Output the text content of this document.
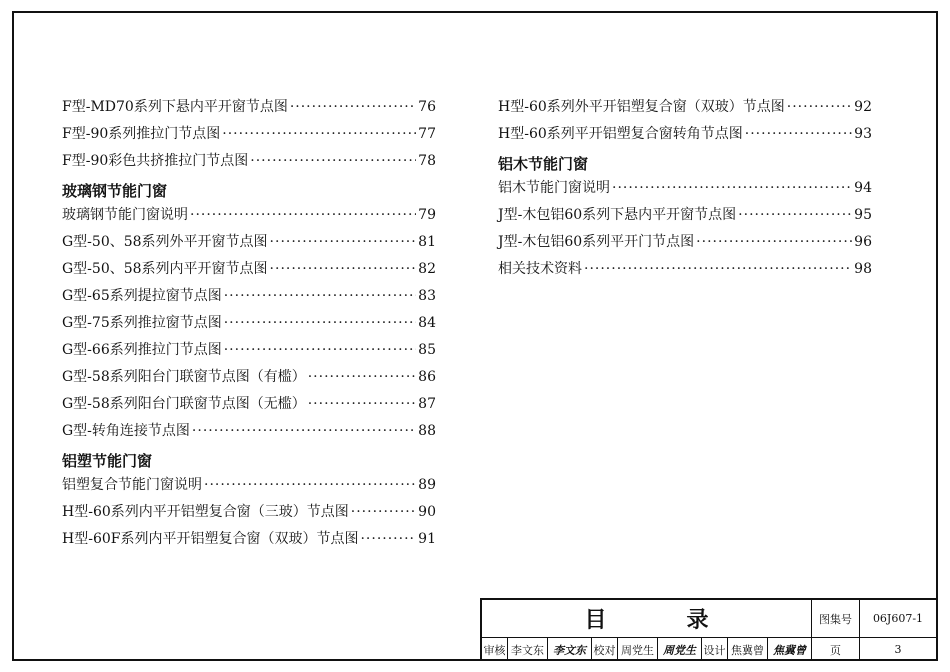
F型-MD70系列下悬内平开窗节点图 ·····	76
F型-90系列推拉门节点图 ·····	77
F型-90彩色共挤推拉门节点图 ·····	78
玻璃钢节能门窗
玻璃钢节能门窗说明 ·····	79
G型-50、58系列外平开窗节点图 ·····	81
G型-50、58系列内平开窗节点图 ·····	82
G型-65系列提拉窗节点图 ·····	83
G型-75系列推拉窗节点图 ·····	84
G型-66系列推拉门节点图 ·····	85
G型-58系列阳台门联窗节点图（有槛） ·····	86
G型-58系列阳台门联窗节点图（无槛） ·····	87
G型-转角连接节点图 ·····	88
铝塑节能门窗
铝塑复合节能门窗说明 ·····	89
H型-60系列内平开铝塑复合窗（三玻）节点图 ·····	90
H型-60F系列内平开铝塑复合窗（双玻）节点图 ·····	91
H型-60系列外平开铝塑复合窗（双玻）节点图 ·····	92
H型-60系列平开铝塑复合窗转角节点图 ·····	93
铝木节能门窗
铝木节能门窗说明 ·····	94
J型-木包铝60系列下悬内平开窗节点图 ·····	95
J型-木包铝60系列平开门节点图 ·····	96
相关技术资料 ·····	98
目	录	图集号	06J607-1
审核 李文东 李文东 校对 周党生 周党生 设计 焦冀曾 焦冀曾	页	3
